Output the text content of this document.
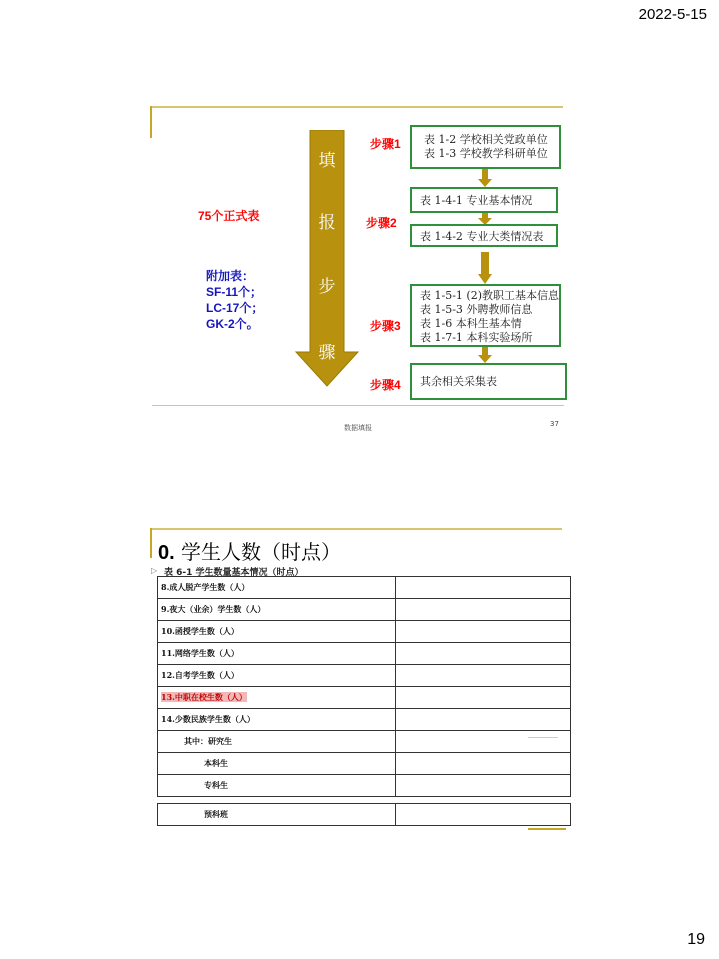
2022-5-15
填
报
步
骤
75个正式表
附加表：
SF-11个；
LC-17个；
GK-2个。
步骤1 表 1-2 学校相关党政单位
表 1-3 学校教学科研单位
步骤2
表 1-4-1 专业基本情况
表 1-4-2 专业大类情况表
步骤3
表 1-5-1 (2)教职工基本信息
表 1-5-3 外聘教师信息
表 1-6 本科生基本情
表 1-7-1 本科实验场所
步骤4 其余相关采集表
数据填报	37
0. 学生人数（时点）
▷ 表 6-1 学生数量基本情况（时点）
8.成人脱产学生数（人）	
9.夜大（业余）学生数（人）	
10.函授学生数（人）	
11.网络学生数（人）	
12.自考学生数（人）	
13.中职在校生数（人）	
14.少数民族学生数（人）	
其中：研究生	
本科生	
专科生	

预科班	
19
